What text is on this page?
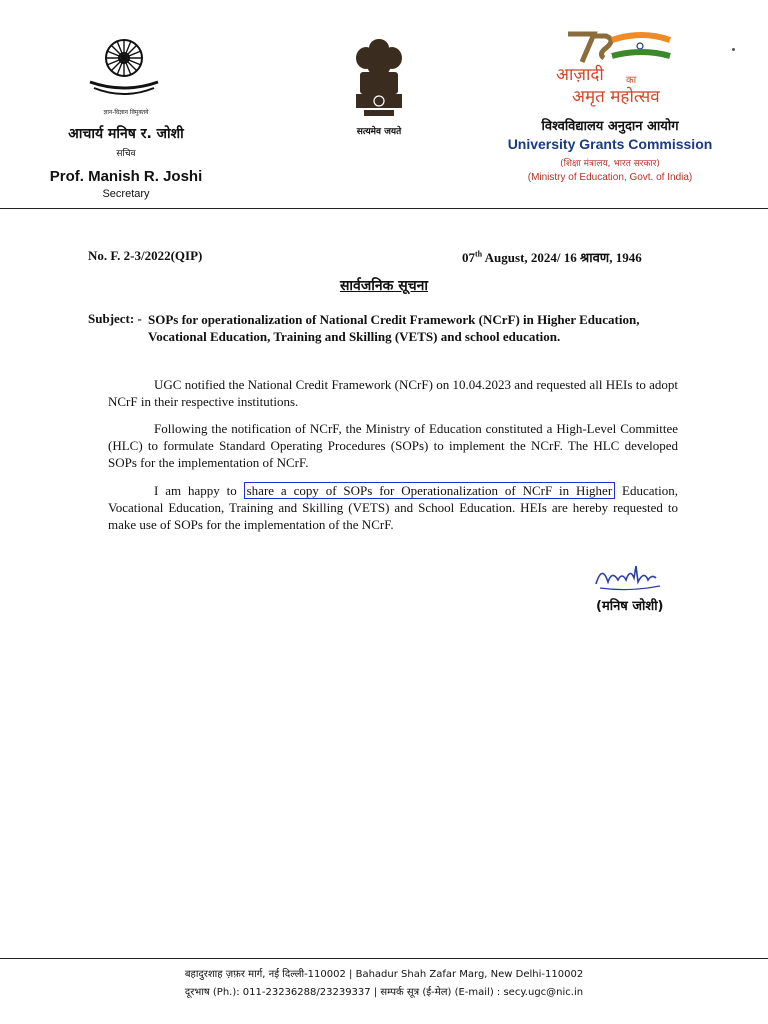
ज्ञान-विज्ञान विमुक्तये
आचार्य मनिष र. जोशी
सचिव
Prof. Manish R. Joshi
Secretary
सत्यमेव जयते
आज़ादी का
अमृत महोत्सव
विश्वविद्यालय अनुदान आयोग
University Grants Commission
(शिक्षा मंत्रालय, भारत सरकार)
(Ministry of Education, Govt. of India)
No. F. 2-3/2022(QIP)	07th August, 2024/ 16 श्रावण, 1946
सार्वजनिक सूचना
Subject: - SOPs for operationalization of National Credit Framework (NCrF) in Higher Education, Vocational Education, Training and Skilling (VETS) and school education.
UGC notified the National Credit Framework (NCrF) on 10.04.2023 and requested all HEIs to adopt NCrF in their respective institutions.
Following the notification of NCrF, the Ministry of Education constituted a High-Level Committee (HLC) to formulate Standard Operating Procedures (SOPs) to implement the NCrF. The HLC developed SOPs for the implementation of NCrF.
I am happy to share a copy of SOPs for Operationalization of NCrF in Higher Education, Vocational Education, Training and Skilling (VETS) and School Education. HEIs are hereby requested to make use of SOPs for the implementation of the NCrF.
(मनिष जोशी)
बहादुरशाह ज़फ़र मार्ग, नई दिल्ली-110002 | Bahadur Shah Zafar Marg, New Delhi-110002
दूरभाष (Ph.): 011-23236288/23239337 | सम्पर्क सूत्र (ई-मेल) (E-mail) : secy.ugc@nic.in
